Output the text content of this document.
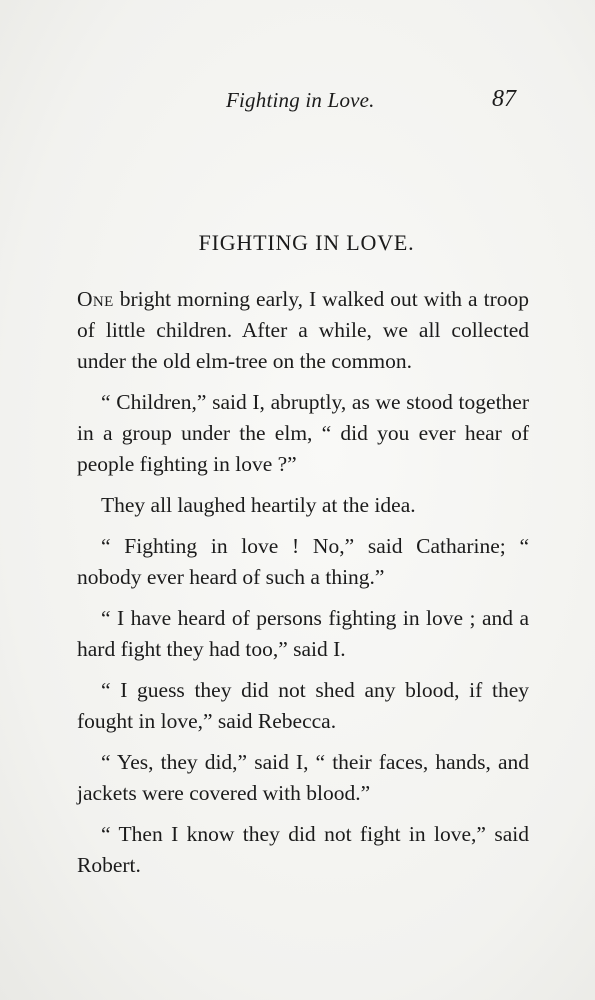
Fighting in Love.	87
FIGHTING IN LOVE.

One bright morning early, I walked out with a troop of little children. After a while, we all collected under the old elm-tree on the common.

“ Children,” said I, abruptly, as we stood together in a group under the elm, “ did you ever hear of people fighting in love ?”

They all laughed heartily at the idea.

“ Fighting in love ! No,” said Catharine; “ nobody ever heard of such a thing.”

“ I have heard of persons fighting in love ; and a hard fight they had too,” said I.

“ I guess they did not shed any blood, if they fought in love,” said Rebecca.

“ Yes, they did,” said I, “ their faces, hands, and jackets were covered with blood.”

“ Then I know they did not fight in love,” said Robert.
